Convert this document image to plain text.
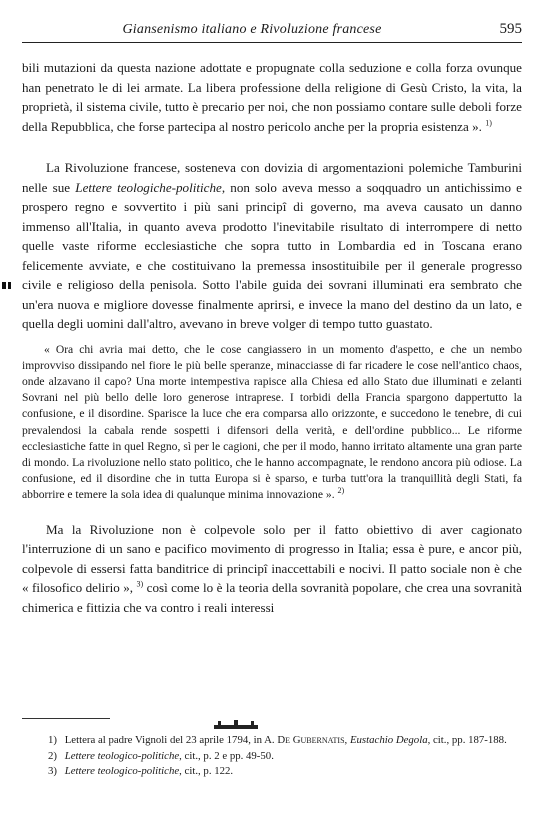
Giansenismo italiano e Rivoluzione francese	595

bili mutazioni da questa nazione adottate e propugnate colla seduzione e colla forza ovunque han penetrato le di lei armate. La libera professione della religione di Gesù Cristo, la vita, la proprietà, il sistema civile, tutto è precario per noi, che non possiamo contare sulle deboli forze della Repubblica, che forse partecipa al nostro pericolo anche per la propria esistenza ». $^{1)}$

La Rivoluzione francese, sosteneva con dovizia di argomentazioni polemiche Tamburini nelle sue Lettere teologiche-politiche, non solo aveva messo a soqquadro un antichissimo e prospero regno e sovvertito i più sani principî di governo, ma aveva causato un danno immenso all'Italia, in quanto aveva prodotto l'inevitabile risultato di interrompere di netto quelle vaste riforme ecclesiastiche che sopra tutto in Lombardia ed in Toscana erano felicemente avviate, e che costituivano la premessa insostituibile per il generale progresso civile e religioso della penisola. Sotto l'abile guida dei sovrani illuminati era sembrato che un'era nuova e migliore dovesse finalmente aprirsi, e invece la mano del destino da un lato, e quella degli uomini dall'altro, avevano in breve volger di tempo tutto guastato.

« Ora chi avria mai detto, che le cose cangiassero in un momento d'aspetto, e che un nembo improvviso dissipando nel fiore le più belle speranze, minacciasse di far ricadere le cose nell'antico chaos, onde alzavano il capo? Una morte intempestiva rapisce alla Chiesa ed allo Stato due illuminati e zelanti Sovrani nel più bello delle loro generose intraprese. I torbidi della Francia spargono dappertutto la confusione, e il disordine. Sparisce la luce che era comparsa allo orizzonte, e succedono le tenebre, di cui prevalendosi la cabala rende sospetti i difensori della verità, e dell'ordine pubblico... Le riforme ecclesiastiche fatte in quel Regno, sì per le cagioni, che per il modo, hanno irritato altamente una gran parte di mondo. La rivoluzione nello stato politico, che le hanno accompagnate, le rendono ancora più odiose. La confusione, ed il disordine che in tutta Europa si è sparso, e turba tutt'ora la tranquillità degli Stati, fa abborrire e temere la sola idea di qualunque minima innovazione ». $^{2)}$

Ma la Rivoluzione non è colpevole solo per il fatto obiettivo di aver cagionato l'interruzione di un sano e pacifico movimento di progresso in Italia; essa è pure, e ancor più, colpevole di essersi fatta banditrice di principî inaccettabili e nocivi. Il patto sociale non è che « filosofico delirio », $^{3)}$ così come lo è la teoria della sovranità popolare, che crea una sovranità chimerica e fittizia che va contro i reali interessi

1) Lettera al padre Vignoli del 23 aprile 1794, in A. De Gubernatis, Eustachio Degola, cit., pp. 187-188.

2) Lettere teologico-politiche, cit., p. 2 e pp. 49-50.

3) Lettere teologico-politiche, cit., p. 122.
